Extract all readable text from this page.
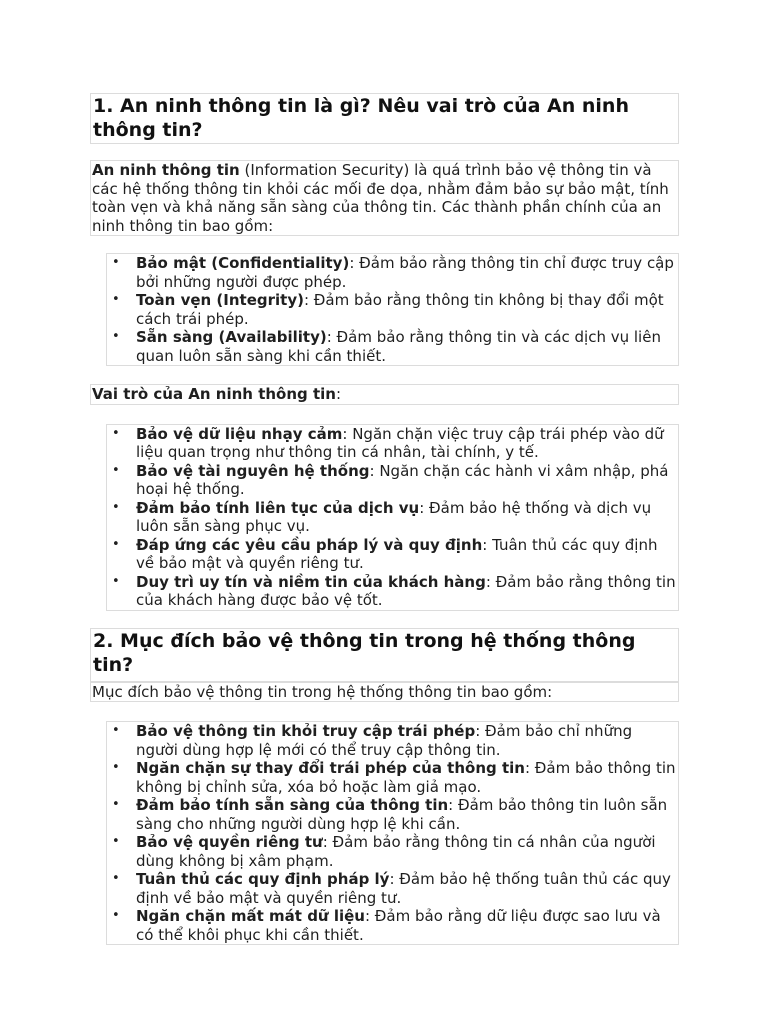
1. An ninh thông tin là gì? Nêu vai trò của An ninh thông tin?
An ninh thông tin (Information Security) là quá trình bảo vệ thông tin và các hệ thống thông tin khỏi các mối đe dọa, nhằm đảm bảo sự bảo mật, tính toàn vẹn và khả năng sẵn sàng của thông tin. Các thành phần chính của an ninh thông tin bao gồm:
• Bảo mật (Confidentiality): Đảm bảo rằng thông tin chỉ được truy cập bởi những người được phép.
• Toàn vẹn (Integrity): Đảm bảo rằng thông tin không bị thay đổi một cách trái phép.
• Sẵn sàng (Availability): Đảm bảo rằng thông tin và các dịch vụ liên quan luôn sẵn sàng khi cần thiết.
Vai trò của An ninh thông tin:
• Bảo vệ dữ liệu nhạy cảm: Ngăn chặn việc truy cập trái phép vào dữ liệu quan trọng như thông tin cá nhân, tài chính, y tế.
• Bảo vệ tài nguyên hệ thống: Ngăn chặn các hành vi xâm nhập, phá hoại hệ thống.
• Đảm bảo tính liên tục của dịch vụ: Đảm bảo hệ thống và dịch vụ luôn sẵn sàng phục vụ.
• Đáp ứng các yêu cầu pháp lý và quy định: Tuân thủ các quy định về bảo mật và quyền riêng tư.
• Duy trì uy tín và niềm tin của khách hàng: Đảm bảo rằng thông tin của khách hàng được bảo vệ tốt.
2. Mục đích bảo vệ thông tin trong hệ thống thông tin?
Mục đích bảo vệ thông tin trong hệ thống thông tin bao gồm:
• Bảo vệ thông tin khỏi truy cập trái phép: Đảm bảo chỉ những người dùng hợp lệ mới có thể truy cập thông tin.
• Ngăn chặn sự thay đổi trái phép của thông tin: Đảm bảo thông tin không bị chỉnh sửa, xóa bỏ hoặc làm giả mạo.
• Đảm bảo tính sẵn sàng của thông tin: Đảm bảo thông tin luôn sẵn sàng cho những người dùng hợp lệ khi cần.
• Bảo vệ quyền riêng tư: Đảm bảo rằng thông tin cá nhân của người dùng không bị xâm phạm.
• Tuân thủ các quy định pháp lý: Đảm bảo hệ thống tuân thủ các quy định về bảo mật và quyền riêng tư.
• Ngăn chặn mất mát dữ liệu: Đảm bảo rằng dữ liệu được sao lưu và có thể khôi phục khi cần thiết.
